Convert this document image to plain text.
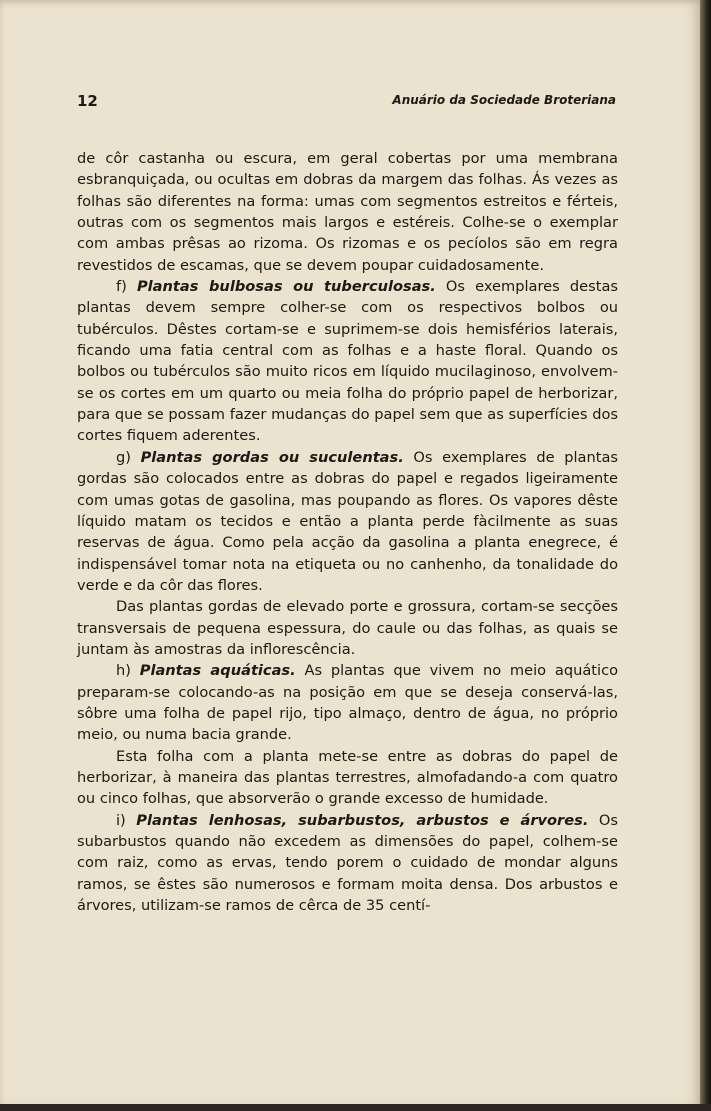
12	Anuário da Sociedade Broteriana

de côr castanha ou escura, em geral cobertas por uma membrana esbranquiçada, ou ocultas em dobras da margem das folhas. Ás vezes as folhas são diferentes na forma: umas com segmentos estreitos e férteis, outras com os segmentos mais largos e estéreis. Colhe-se o exemplar com ambas prêsas ao rizoma. Os rizomas e os pecíolos são em regra revestidos de escamas, que se devem poupar cuidadosamente.

f) Plantas bulbosas ou tuberculosas. Os exemplares destas plantas devem sempre colher-se com os respectivos bolbos ou tubérculos. Dêstes cortam-se e suprimem-se dois hemisférios laterais, ficando uma fatia central com as folhas e a haste floral. Quando os bolbos ou tubérculos são muito ricos em líquido mucilaginoso, envolvem-se os cortes em um quarto ou meia folha do próprio papel de herborizar, para que se possam fazer mudanças do papel sem que as superfícies dos cortes fiquem aderentes.

g) Plantas gordas ou suculentas. Os exemplares de plantas gordas são colocados entre as dobras do papel e regados ligeiramente com umas gotas de gasolina, mas poupando as flores. Os vapores dêste líquido matam os tecidos e então a planta perde fàcilmente as suas reservas de água. Como pela acção da gasolina a planta enegrece, é indispensável tomar nota na etiqueta ou no canhenho, da tonalidade do verde e da côr das flores.

Das plantas gordas de elevado porte e grossura, cortam-se secções transversais de pequena espessura, do caule ou das folhas, as quais se juntam às amostras da inflorescência.

h) Plantas aquáticas. As plantas que vivem no meio aquático preparam-se colocando-as na posição em que se deseja conservá-las, sôbre uma folha de papel rijo, tipo almaço, dentro de água, no próprio meio, ou numa bacia grande.

Esta folha com a planta mete-se entre as dobras do papel de herborizar, à maneira das plantas terrestres, almofadando-a com quatro ou cinco folhas, que absorverão o grande excesso de humidade.

i) Plantas lenhosas, subarbustos, arbustos e árvores. Os subarbustos quando não excedem as dimensões do papel, colhem-se com raiz, como as ervas, tendo porem o cuidado de mondar alguns ramos, se êstes são numerosos e formam moita densa. Dos arbustos e árvores, utilizam-se ramos de cêrca de 35 centí-
